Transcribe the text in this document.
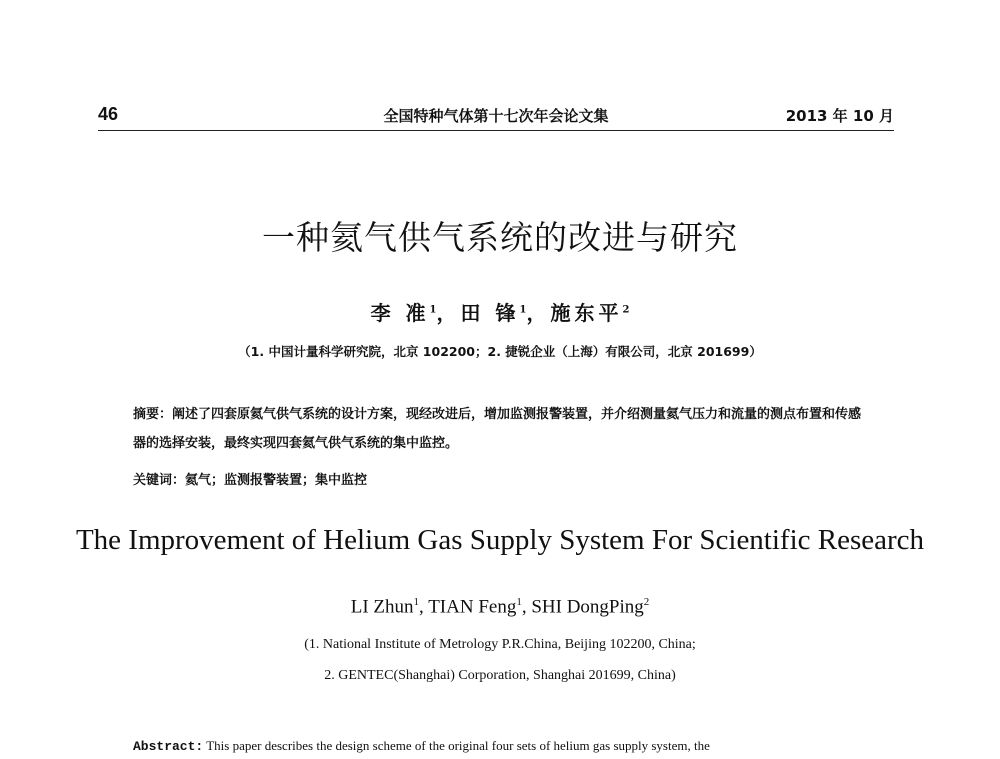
46	全国特种气体第十七次年会论文集	2013 年 10 月
一种氦气供气系统的改进与研究
李 准$^1$，田 锋$^1$，施东平$^2$
（1. 中国计量科学研究院，北京 102200；2. 捷锐企业（上海）有限公司，北京 201699）
摘要：阐述了四套原氦气供气系统的设计方案，现经改进后，增加监测报警装置，并介绍测量氦气压力和流量的测点布置和传感器的选择安装，最终实现四套氦气供气系统的集中监控。
关键词：氦气；监测报警装置；集中监控
The Improvement of Helium Gas Supply System For Scientific Research
LI Zhun$^1$, TIAN Feng$^1$, SHI DongPing$^2$
(1. National Institute of Metrology P.R.China, Beijing 102200, China;
2. GENTEC(Shanghai) Corporation, Shanghai 201699, China)
Abstract: This paper describes the design scheme of the original four sets of helium gas supply system, the
